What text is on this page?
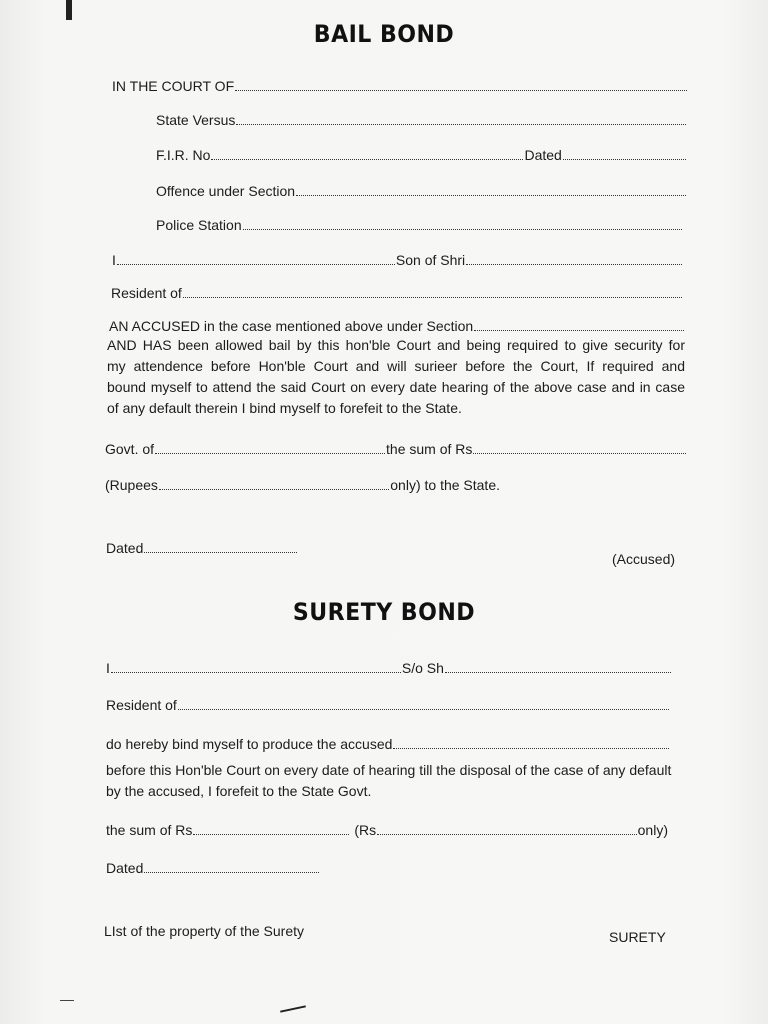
BAIL BOND
IN THE COURT OF
State Versus
F.I.R. No	Dated
Offence under Section
Police Station
I	Son of Shri
Resident of
AN ACCUSED in the case mentioned above under Section
AND HAS been allowed bail by this hon'ble Court and being required to give security for
my attendence before Hon'ble Court and will surieer before the Court, If required and
bound myself to attend the said Court on every date hearing of the above case and in case
of any default therein I bind myself to forefeit to the State.
Govt. of	the sum of Rs
(Rupees	only) to the State.
Dated
(Accused)
SURETY BOND
I	S/o Sh
Resident of
do hereby bind myself to produce the accused
before this Hon'ble Court on every date of hearing till the disposal of the case of any default
by the accused, I forefeit to the State Govt.
the sum of Rs	(Rs	only)
Dated
LIst of the property of the Surety	SURETY
